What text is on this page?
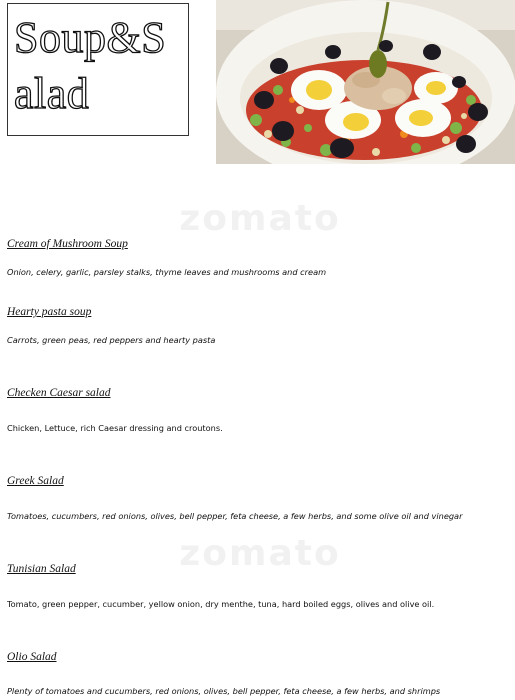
Soup&S
alad
zomato
zomato
Cream of Mushroom Soup
Onion, celery, garlic, parsley stalks, thyme leaves and mushrooms and cream
Hearty pasta soup
Carrots, green peas, red peppers and hearty pasta
Checken Caesar salad
Chicken, Lettuce, rich Caesar dressing and croutons.
Greek Salad
Tomatoes, cucumbers, red onions, olives, bell pepper, feta cheese, a few herbs, and some olive oil and vinegar
Tunisian Salad
Tomato, green pepper, cucumber, yellow onion, dry menthe, tuna, hard boiled eggs, olives and olive oil.
Olio Salad
Plenty of tomatoes and cucumbers, red onions, olives, bell pepper, feta cheese, a few herbs, and shrimps
